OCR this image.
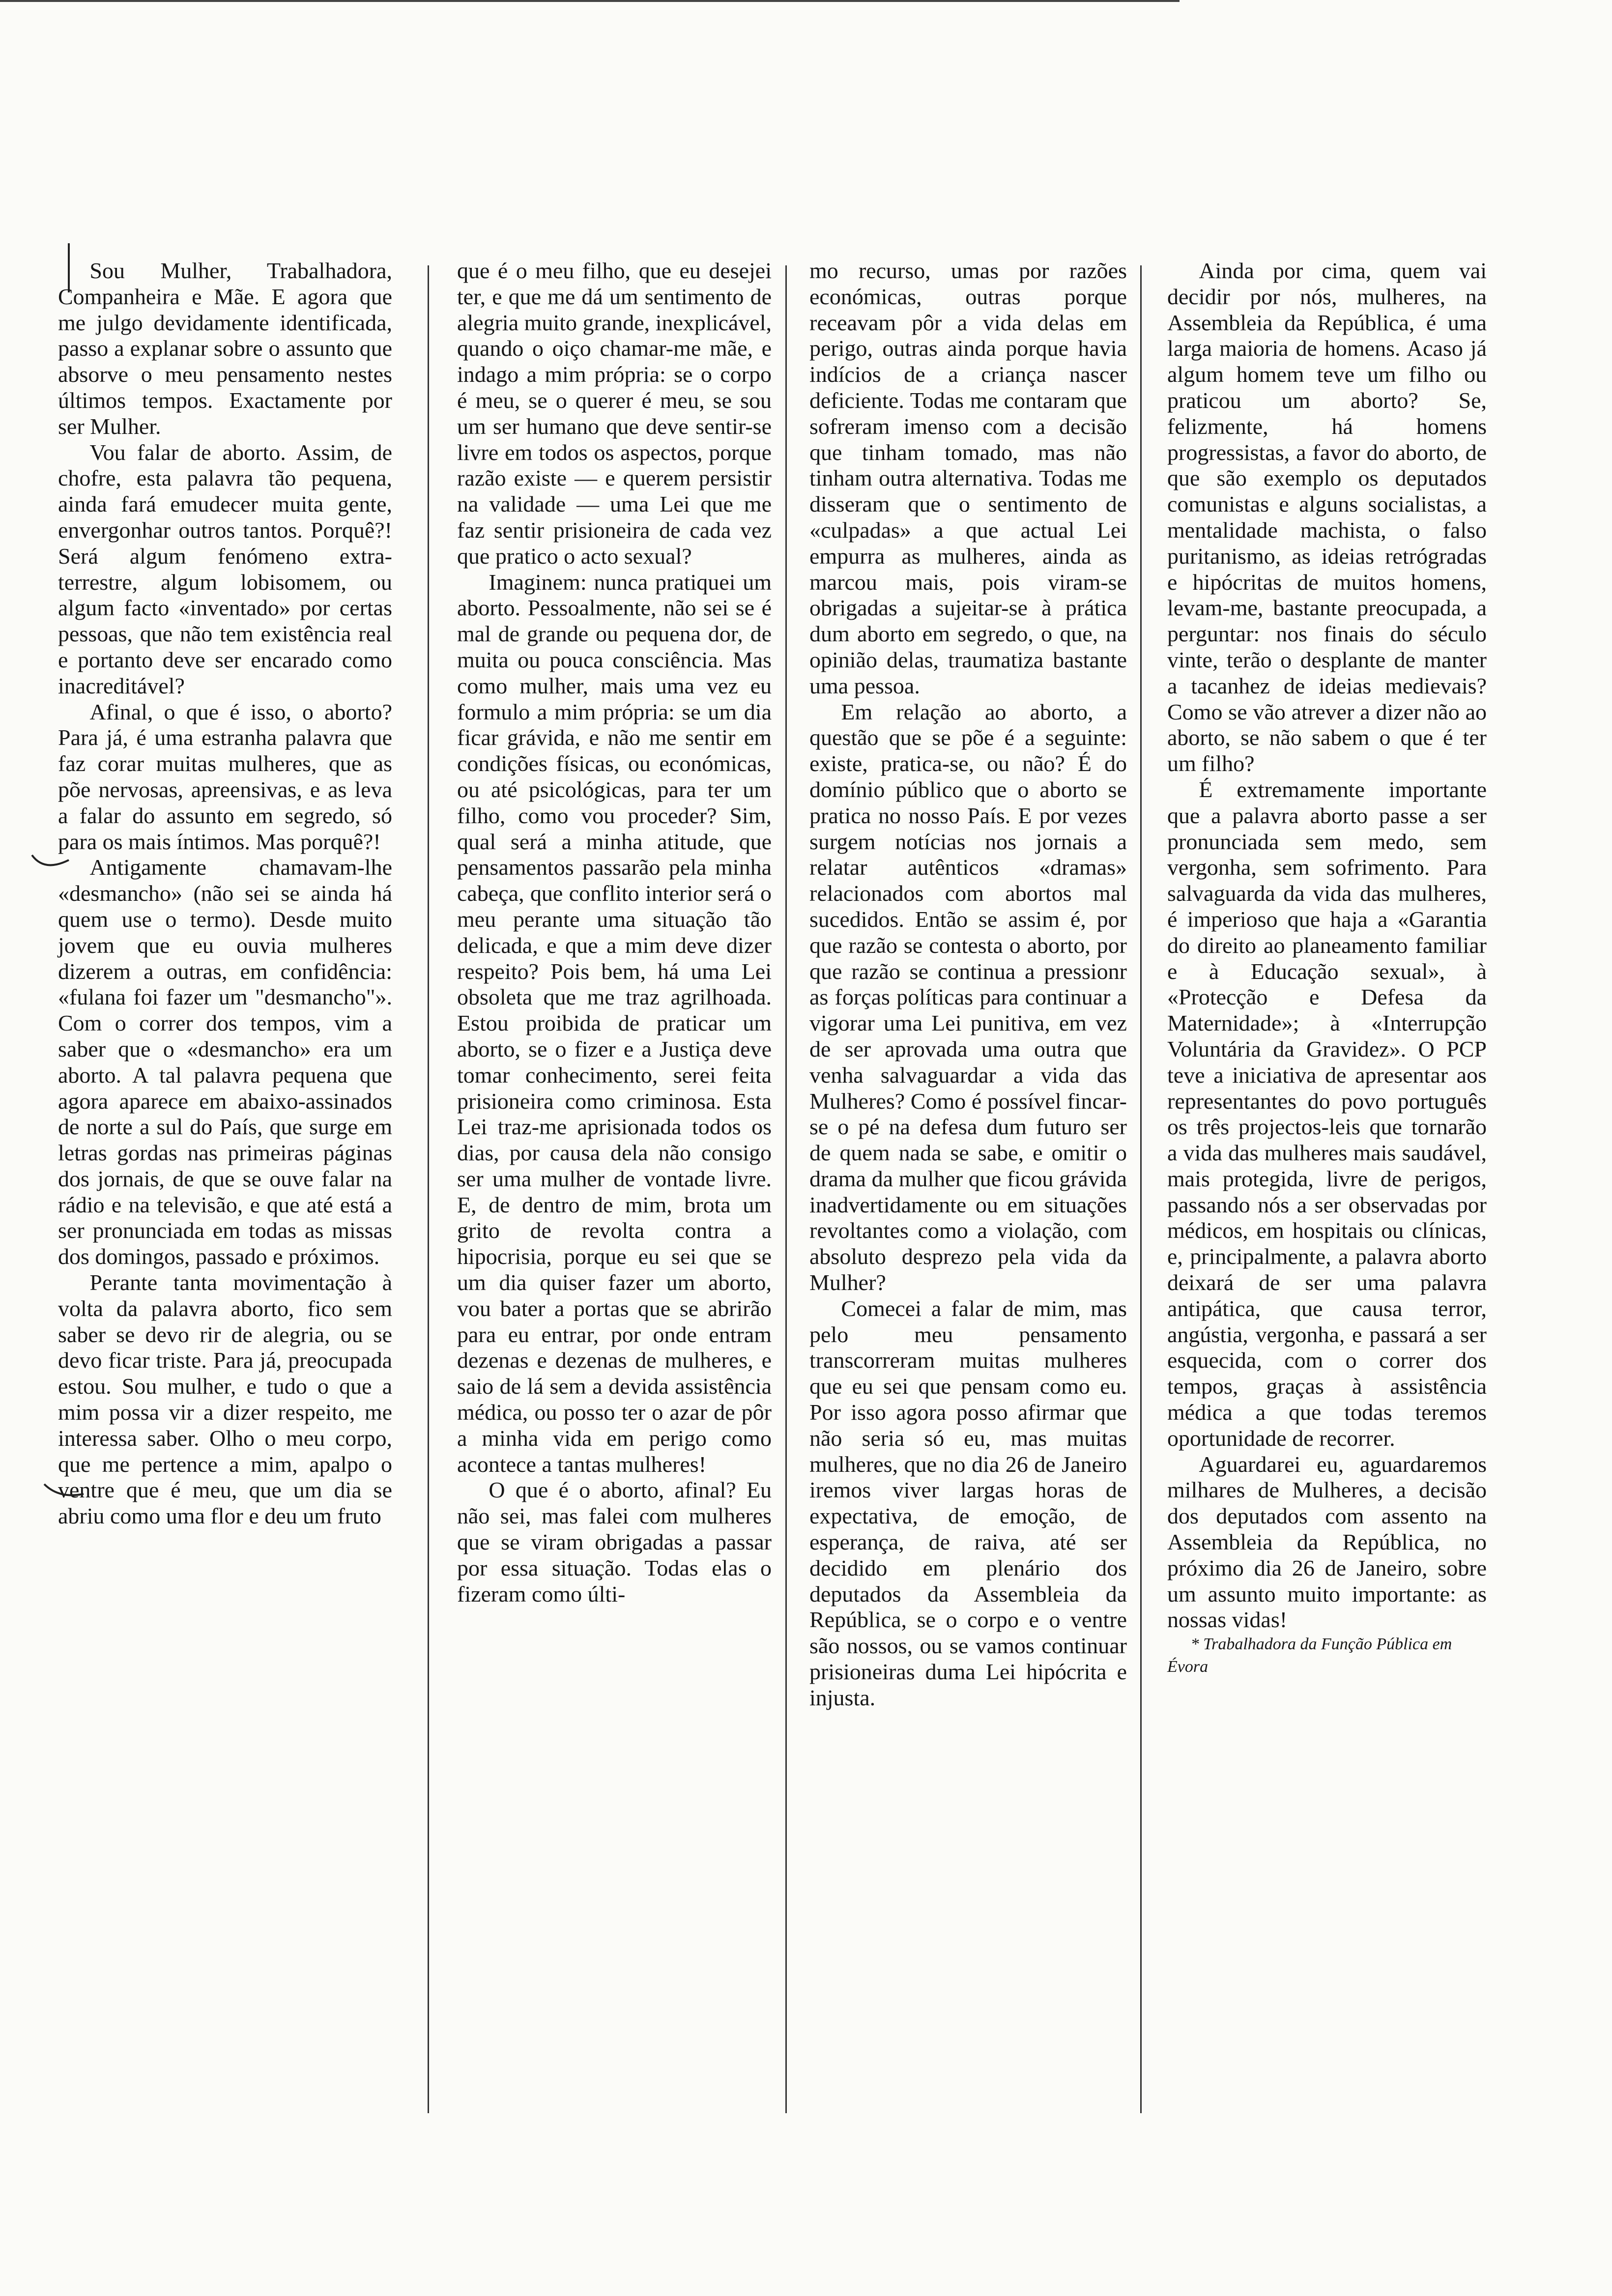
Sou Mulher, Trabalhadora, Companheira e Mãe. E agora que me julgo devidamente identificada, passo a explanar sobre o assunto que absorve o meu pensamento nestes últimos tempos. Exactamente por ser Mulher.

Vou falar de aborto. Assim, de chofre, esta palavra tão pequena, ainda fará emudecer muita gente, envergonhar outros tantos. Porquê?! Será algum fenómeno extra-terrestre, algum lobisomem, ou algum facto «inventado» por certas pessoas, que não tem existência real e portanto deve ser encarado como inacreditável?

Afinal, o que é isso, o aborto? Para já, é uma estranha palavra que faz corar muitas mulheres, que as põe nervosas, apreensivas, e as leva a falar do assunto em segredo, só para os mais íntimos. Mas porquê?!

Antigamente chamavam-lhe «desmancho» (não sei se ainda há quem use o termo). Desde muito jovem que eu ouvia mulheres dizerem a outras, em confidência: «fulana foi fazer um "desmancho"». Com o correr dos tempos, vim a saber que o «desmancho» era um aborto. A tal palavra pequena que agora aparece em abaixo-assinados de norte a sul do País, que surge em letras gordas nas primeiras páginas dos jornais, de que se ouve falar na rádio e na televisão, e que até está a ser pronunciada em todas as missas dos domingos, passado e próximos.

Perante tanta movimentação à volta da palavra aborto, fico sem saber se devo rir de alegria, ou se devo ficar triste. Para já, preocupada estou. Sou mulher, e tudo o que a mim possa vir a dizer respeito, me interessa saber. Olho o meu corpo, que me pertence a mim, apalpo o ventre que é meu, que um dia se abriu como uma flor e deu um fruto

que é o meu filho, que eu desejei ter, e que me dá um sentimento de alegria muito grande, inexplicável, quando o oiço chamar-me mãe, e indago a mim própria: se o corpo é meu, se o querer é meu, se sou um ser humano que deve sentir-se livre em todos os aspectos, porque razão existe — e querem persistir na validade — uma Lei que me faz sentir prisioneira de cada vez que pratico o acto sexual?

Imaginem: nunca pratiquei um aborto. Pessoalmente, não sei se é mal de grande ou pequena dor, de muita ou pouca consciência. Mas como mulher, mais uma vez eu formulo a mim própria: se um dia ficar grávida, e não me sentir em condições físicas, ou económicas, ou até psicológicas, para ter um filho, como vou proceder? Sim, qual será a minha atitude, que pensamentos passarão pela minha cabeça, que conflito interior será o meu perante uma situação tão delicada, e que a mim deve dizer respeito? Pois bem, há uma Lei obsoleta que me traz agrilhoada. Estou proibida de praticar um aborto, se o fizer e a Justiça deve tomar conhecimento, serei feita prisioneira como criminosa. Esta Lei traz-me aprisionada todos os dias, por causa dela não consigo ser uma mulher de vontade livre. E, de dentro de mim, brota um grito de revolta contra a hipocrisia, porque eu sei que se um dia quiser fazer um aborto, vou bater a portas que se abrirão para eu entrar, por onde entram dezenas e dezenas de mulheres, e saio de lá sem a devida assistência médica, ou posso ter o azar de pôr a minha vida em perigo como acontece a tantas mulheres!

O que é o aborto, afinal? Eu não sei, mas falei com mulheres que se viram obrigadas a passar por essa situação. Todas elas o fizeram como últi-

mo recurso, umas por razões económicas, outras porque receavam pôr a vida delas em perigo, outras ainda porque havia indícios de a criança nascer deficiente. Todas me contaram que sofreram imenso com a decisão que tinham tomado, mas não tinham outra alternativa. Todas me disseram que o sentimento de «culpadas» a que actual Lei empurra as mulheres, ainda as marcou mais, pois viram-se obrigadas a sujeitar-se à prática dum aborto em segredo, o que, na opinião delas, traumatiza bastante uma pessoa.

Em relação ao aborto, a questão que se põe é a seguinte: existe, pratica-se, ou não? É do domínio público que o aborto se pratica no nosso País. E por vezes surgem notícias nos jornais a relatar autênticos «dramas» relacionados com abortos mal sucedidos. Então se assim é, por que razão se contesta o aborto, por que razão se continua a pressionr as forças políticas para continuar a vigorar uma Lei punitiva, em vez de ser aprovada uma outra que venha salvaguardar a vida das Mulheres? Como é possível fincar-se o pé na defesa dum futuro ser de quem nada se sabe, e omitir o drama da mulher que ficou grávida inadvertidamente ou em situações revoltantes como a violação, com absoluto desprezo pela vida da Mulher?

Comecei a falar de mim, mas pelo meu pensamento transcorreram muitas mulheres que eu sei que pensam como eu. Por isso agora posso afirmar que não seria só eu, mas muitas mulheres, que no dia 26 de Janeiro iremos viver largas horas de expectativa, de emoção, de esperança, de raiva, até ser decidido em plenário dos deputados da Assembleia da República, se o corpo e o ventre são nossos, ou se vamos continuar prisioneiras duma Lei hipócrita e injusta.

Ainda por cima, quem vai decidir por nós, mulheres, na Assembleia da República, é uma larga maioria de homens. Acaso já algum homem teve um filho ou praticou um aborto? Se, felizmente, há homens progressistas, a favor do aborto, de que são exemplo os deputados comunistas e alguns socialistas, a mentalidade machista, o falso puritanismo, as ideias retrógradas e hipócritas de muitos homens, levam-me, bastante preocupada, a perguntar: nos finais do século vinte, terão o desplante de manter a tacanhez de ideias medievais? Como se vão atrever a dizer não ao aborto, se não sabem o que é ter um filho?

É extremamente importante que a palavra aborto passe a ser pronunciada sem medo, sem vergonha, sem sofrimento. Para salvaguarda da vida das mulheres, é imperioso que haja a «Garantia do direito ao planeamento familiar e à Educação sexual», à «Protecção e Defesa da Maternidade»; à «Interrupção Voluntária da Gravidez». O PCP teve a iniciativa de apresentar aos representantes do povo português os três projectos-leis que tornarão a vida das mulheres mais saudável, mais protegida, livre de perigos, passando nós a ser observadas por médicos, em hospitais ou clínicas, e, principalmente, a palavra aborto deixará de ser uma palavra antipática, que causa terror, angústia, vergonha, e passará a ser esquecida, com o correr dos tempos, graças à assistência médica a que todas teremos oportunidade de recorrer.

Aguardarei eu, aguardaremos milhares de Mulheres, a decisão dos deputados com assento na Assembleia da República, no próximo dia 26 de Janeiro, sobre um assunto muito importante: as nossas vidas!

* Trabalhadora da Função Pública em Évora
